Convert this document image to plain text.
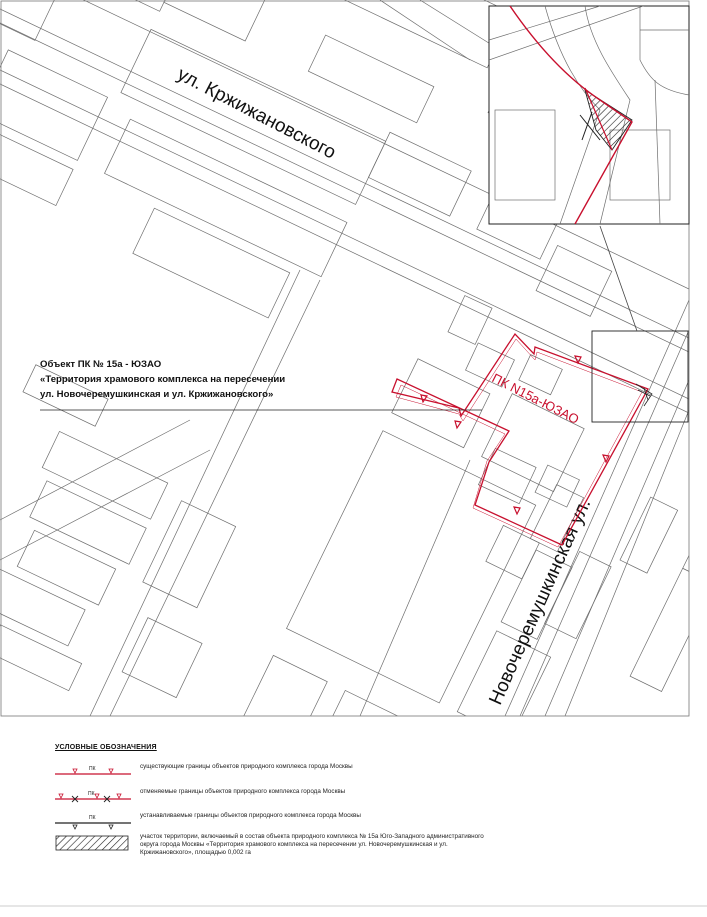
ул. Кржижановского
Новочеремушкинская ул.
ПК N15а-ЮЗАО
Объект ПК № 15а - ЮЗАО
«Территория храмового комплекса на пересечении
ул. Новочеремушкинская и ул. Кржижановского»
УСЛОВНЫЕ ОБОЗНАЧЕНИЯ
ПК	существующие границы объектов природного комплекса города Москвы
ПК	отменяемые границы объектов природного комплекса города Москвы
ПК	устанавливаемые границы объектов природного комплекса города Москвы
участок территории, включаемый в состав объекта природного комплекса № 15а Юго-Западного административного округа города Москвы «Территория храмового комплекса на пересечении ул. Новочеремушкинская и ул. Кржижановского», площадью 0,002 га
